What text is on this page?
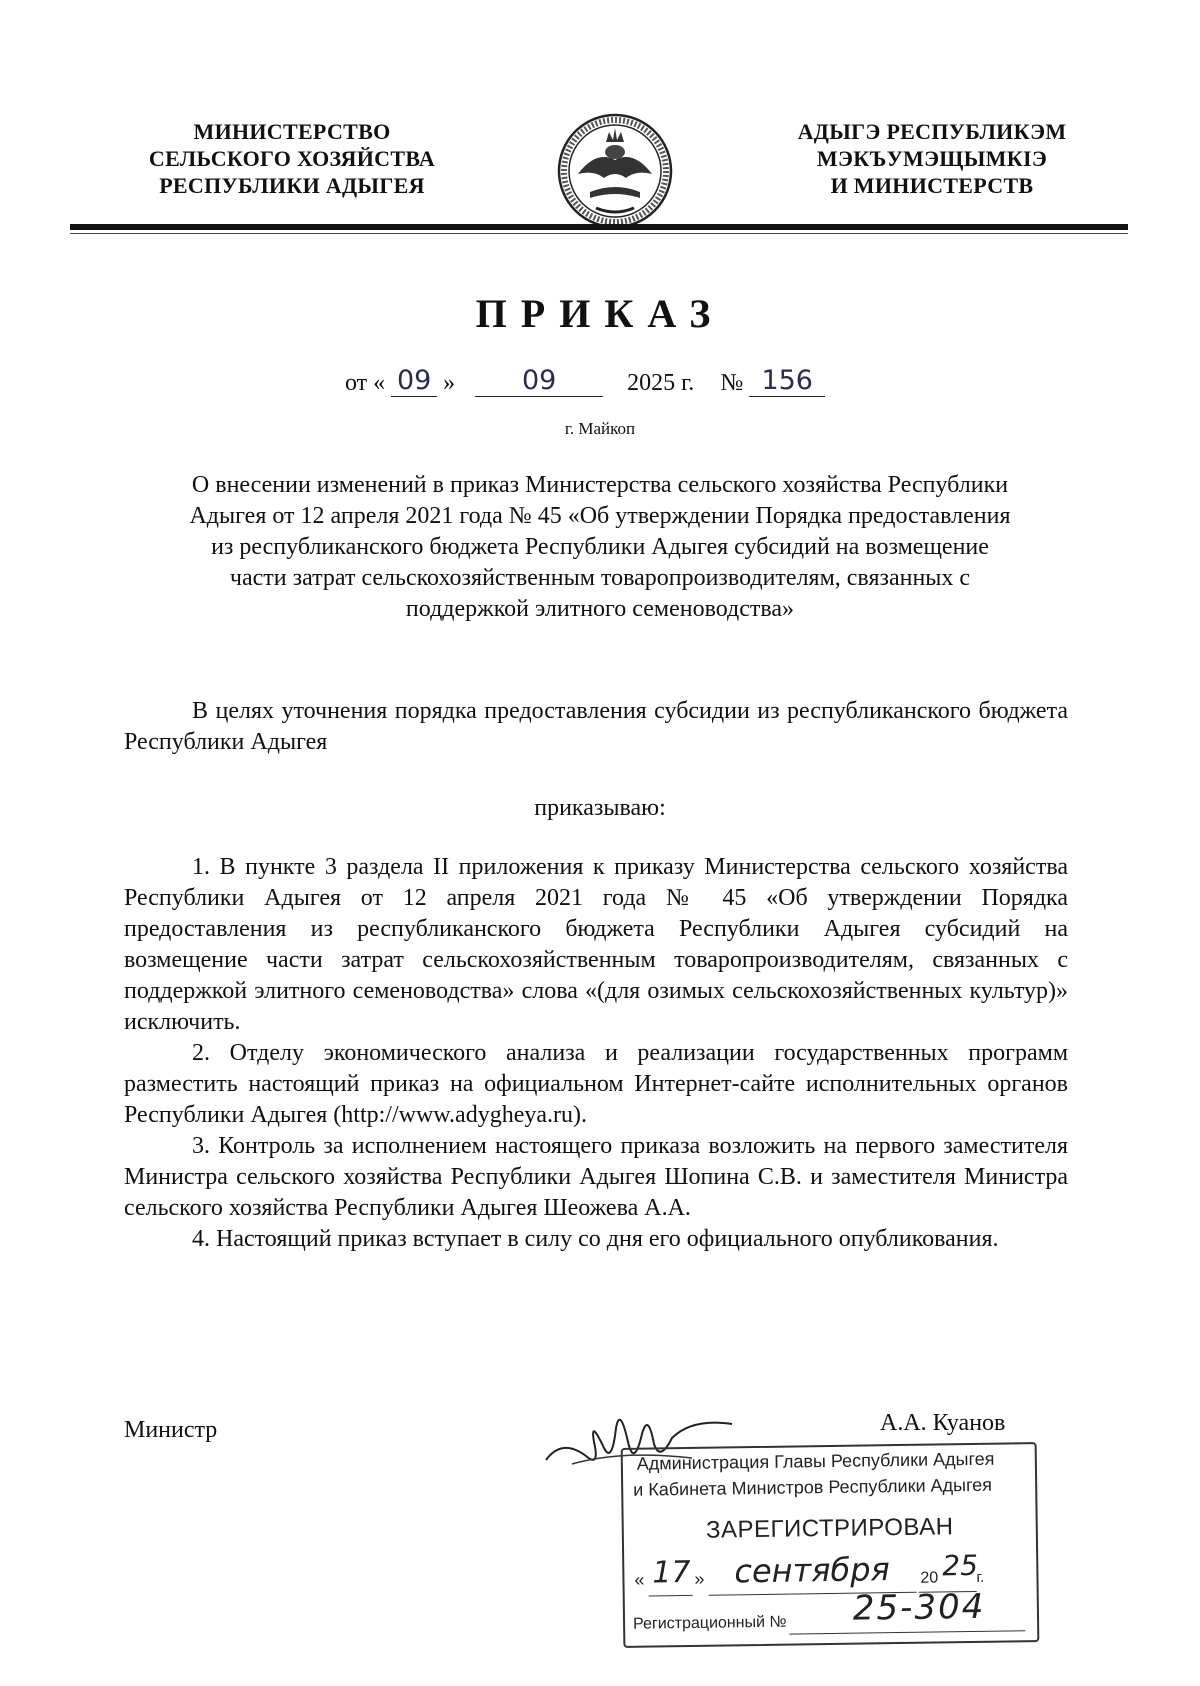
МИНИСТЕРСТВО
СЕЛЬСКОГО ХОЗЯЙСТВА
РЕСПУБЛИКИ АДЫГЕЯ
АДЫГЭ РЕСПУБЛИКЭМ
МЭКЪУМЭЩЫМКIЭ
И МИНИСТЕРСТВ
ПРИКАЗ
от « 09 » 09	2025 г. № 156
г. Майкоп
О внесении изменений в приказ Министерства сельского хозяйства Республики
Адыгея от 12 апреля 2021 года № 45 «Об утверждении Порядка предоставления
из республиканского бюджета Республики Адыгея субсидий на возмещение
части затрат сельскохозяйственным товаропроизводителям, связанных с
поддержкой элитного семеноводства»

В целях уточнения порядка предоставления субсидии из республиканского бюджета Республики Адыгея

приказываю:

1. В пункте 3 раздела II приложения к приказу Министерства сельского хозяйства Республики Адыгея от 12 апреля 2021 года № 45 «Об утверждении Порядка предоставления из республиканского бюджета Республики Адыгея субсидий на возмещение части затрат сельскохозяйственным товаропроизводителям, связанных с поддержкой элитного семеноводства» слова «(для озимых сельскохозяйственных культур)» исключить.

2. Отделу экономического анализа и реализации государственных программ разместить настоящий приказ на официальном Интернет-сайте исполнительных органов Республики Адыгея (http://www.adygheya.ru).

3. Контроль за исполнением настоящего приказа возложить на первого заместителя Министра сельского хозяйства Республики Адыгея Шопина С.В. и заместителя Министра сельского хозяйства Республики Адыгея Шеожева А.А.

4. Настоящий приказ вступает в силу со дня его официального опубликования.

Министр	А.А. Куанов
Администрация Главы Республики Адыгея
и Кабинета Министров Республики Адыгея
ЗАРЕГИСТРИРОВАН
« 17 » сентября 20 25
г.
Регистрационный № 25-304
